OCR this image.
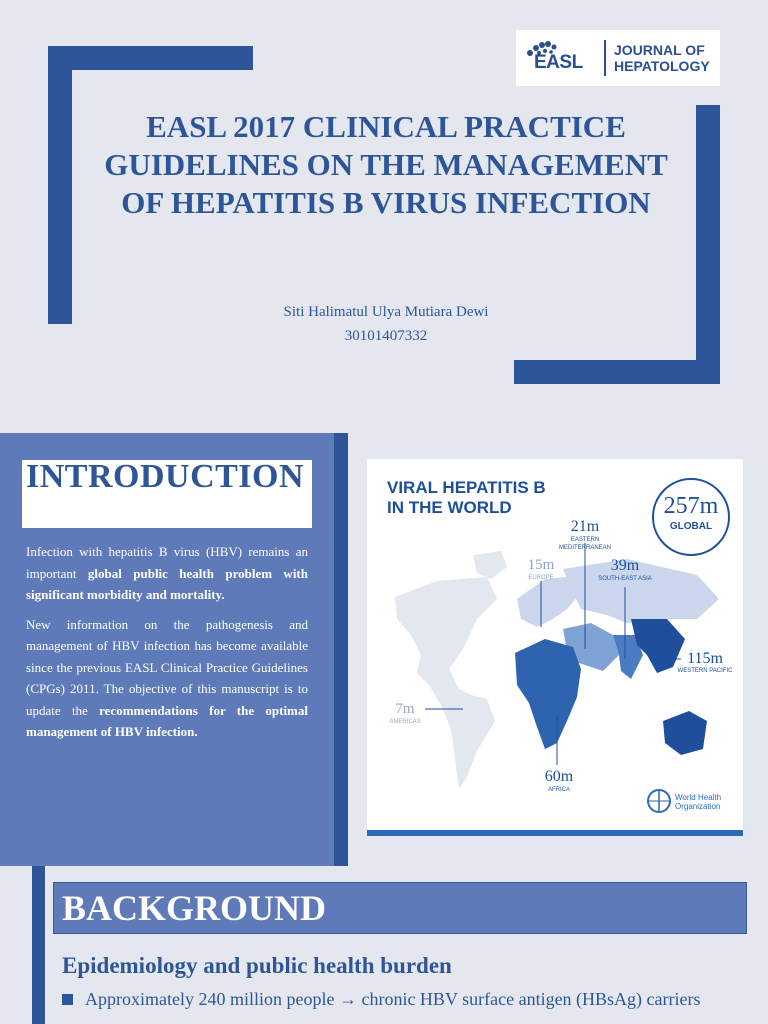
EASL
JOURNAL OF
HEPATOLOGY
EASL 2017 CLINICAL PRACTICE GUIDELINES ON THE MANAGEMENT OF HEPATITIS B VIRUS INFECTION
Siti Halimatul Ulya Mutiara Dewi
30101407332
INTRODUCTION

Infection with hepatitis B virus (HBV) remains an important global public health problem with significant morbidity and mortality.

New information on the pathogenesis and management of HBV infection has become available since the previous EASL Clinical Practice Guidelines (CPGs) 2011. The objective of this manuscript is to update the recommendations for the optimal management of HBV infection.

VIRAL HEPATITIS B
IN THE WORLD	257m
GLOBAL
21m
EASTERN
MEDITERRANEAN
15m
EUROPE
39m
SOUTH-EAST ASIA
115m
WESTERN PACIFIC
7m
AMERICAS
60m
AFRICA
World Health
Organization
BACKGROUND
Epidemiology and public health burden
Approximately 240 million people → chronic HBV surface antigen (HBsAg) carriers
